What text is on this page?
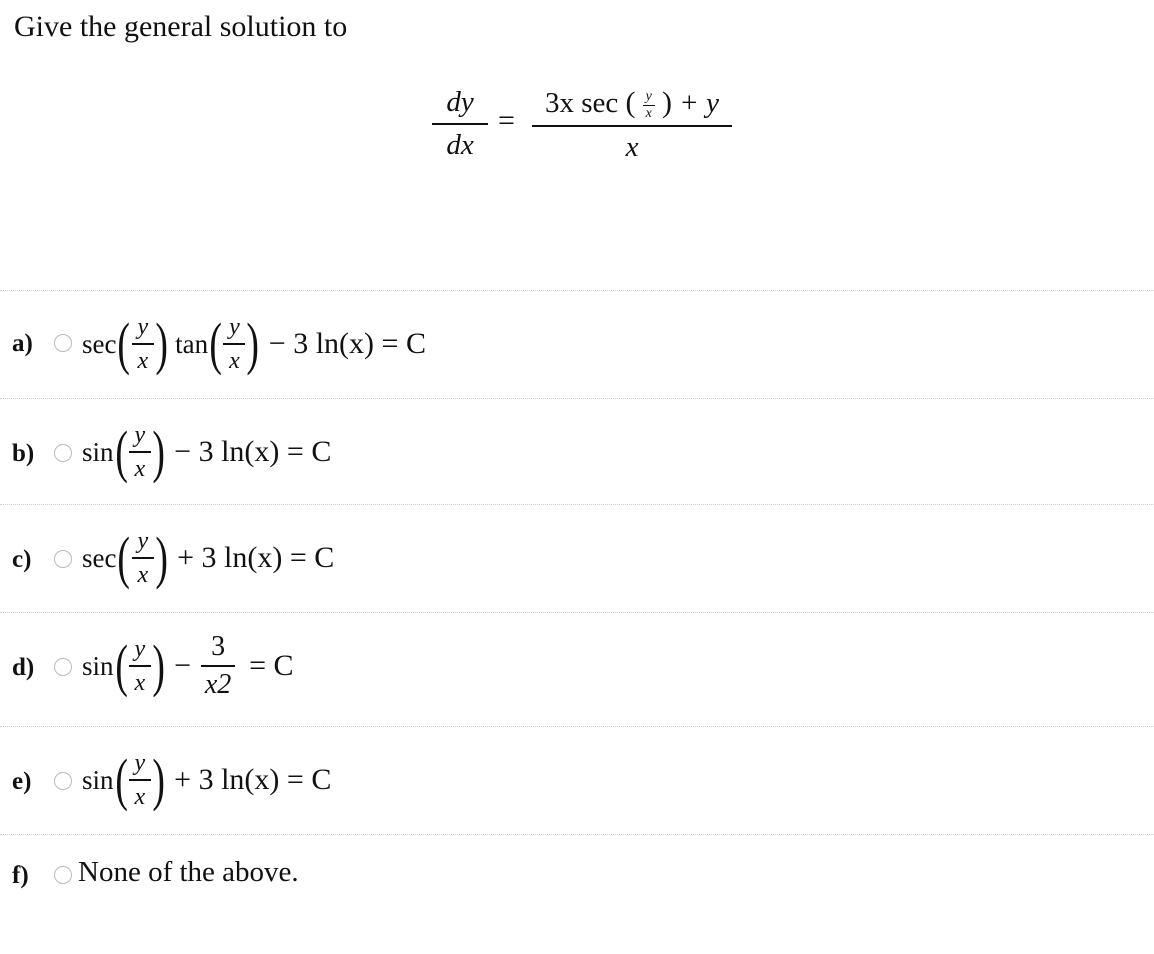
Give the general solution to
dy
dx
=
3x sec ( $\frac{y}{x}$ ) + y
x
a) sec ( y
x ) tan ( y
x ) − 3 ln(x) = C
b) sin ( y
x ) − 3 ln(x) = C
c) sec ( y
x ) + 3 ln(x) = C
d) sin ( y
x ) −
3
x2
= C
e) sin ( y
x ) + 3 ln(x) = C
f) None of the above.
